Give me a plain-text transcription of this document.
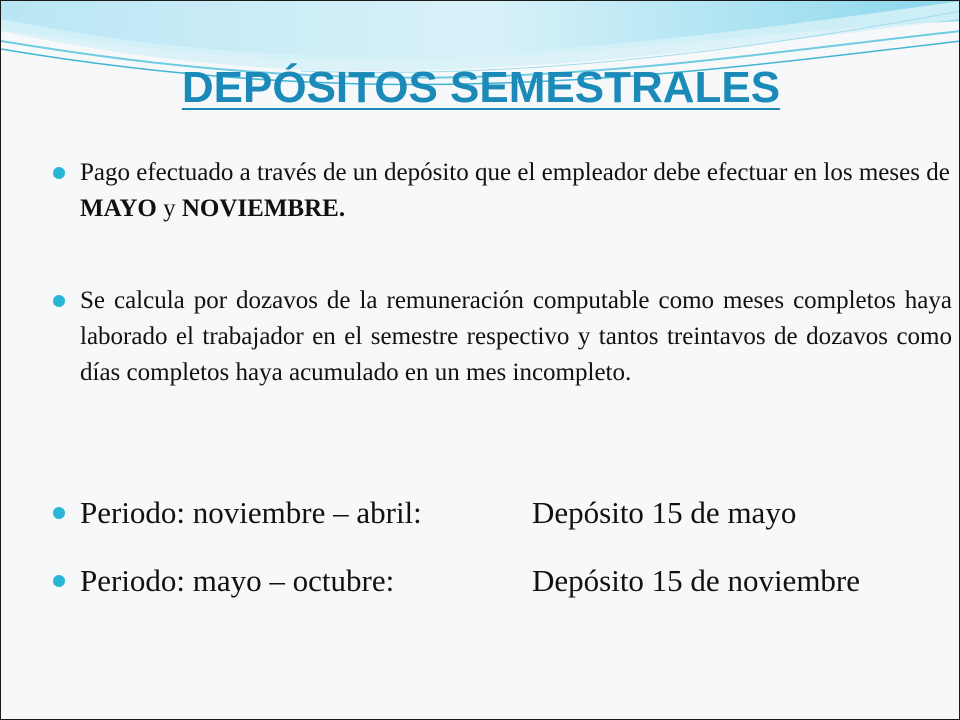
DEPÓSITOS SEMESTRALES

Pago efectuado a través de un depósito que el empleador debe efectuar en los meses de MAYO y NOVIEMBRE.

Se calcula por dozavos de la remuneración computable como meses completos haya laborado el trabajador en el semestre respectivo y tantos treintavos de dozavos como días completos haya acumulado en un mes incompleto.

Periodo: noviembre – abril:	Depósito 15 de mayo

Periodo: mayo – octubre:	Depósito 15 de noviembre
